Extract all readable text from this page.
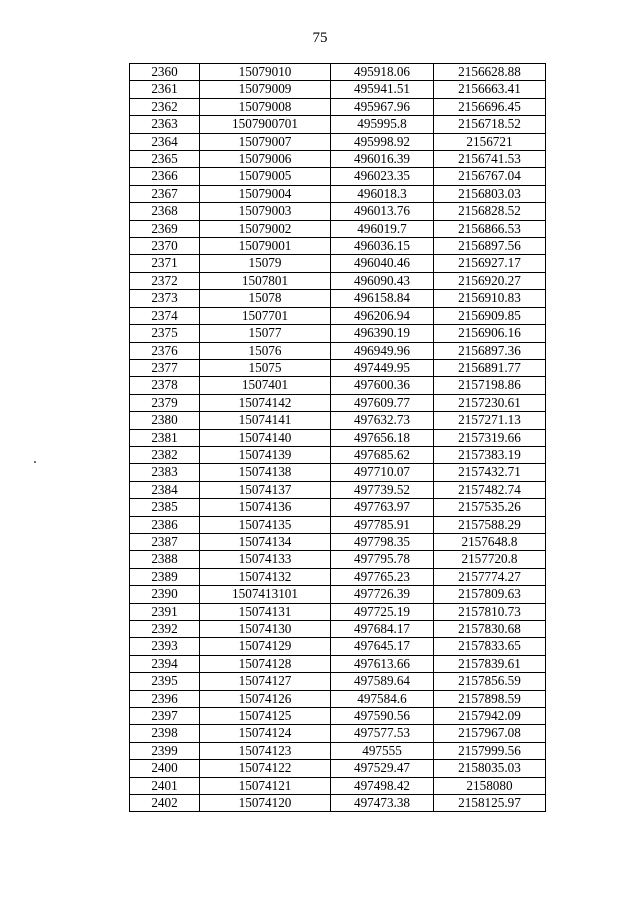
75
2360	15079010	495918.06	2156628.88
2361	15079009	495941.51	2156663.41
2362	15079008	495967.96	2156696.45
2363	1507900701	495995.8	2156718.52
2364	15079007	495998.92	2156721
2365	15079006	496016.39	2156741.53
2366	15079005	496023.35	2156767.04
2367	15079004	496018.3	2156803.03
2368	15079003	496013.76	2156828.52
2369	15079002	496019.7	2156866.53
2370	15079001	496036.15	2156897.56
2371	15079	496040.46	2156927.17
2372	1507801	496090.43	2156920.27
2373	15078	496158.84	2156910.83
2374	1507701	496206.94	2156909.85
2375	15077	496390.19	2156906.16
2376	15076	496949.96	2156897.36
2377	15075	497449.95	2156891.77
2378	1507401	497600.36	2157198.86
2379	15074142	497609.77	2157230.61
2380	15074141	497632.73	2157271.13
2381	15074140	497656.18	2157319.66
2382	15074139	497685.62	2157383.19
2383	15074138	497710.07	2157432.71
2384	15074137	497739.52	2157482.74
2385	15074136	497763.97	2157535.26
2386	15074135	497785.91	2157588.29
2387	15074134	497798.35	2157648.8
2388	15074133	497795.78	2157720.8
2389	15074132	497765.23	2157774.27
2390	1507413101	497726.39	2157809.63
2391	15074131	497725.19	2157810.73
2392	15074130	497684.17	2157830.68
2393	15074129	497645.17	2157833.65
2394	15074128	497613.66	2157839.61
2395	15074127	497589.64	2157856.59
2396	15074126	497584.6	2157898.59
2397	15074125	497590.56	2157942.09
2398	15074124	497577.53	2157967.08
2399	15074123	497555	2157999.56
2400	15074122	497529.47	2158035.03
2401	15074121	497498.42	2158080
2402	15074120	497473.38	2158125.97
